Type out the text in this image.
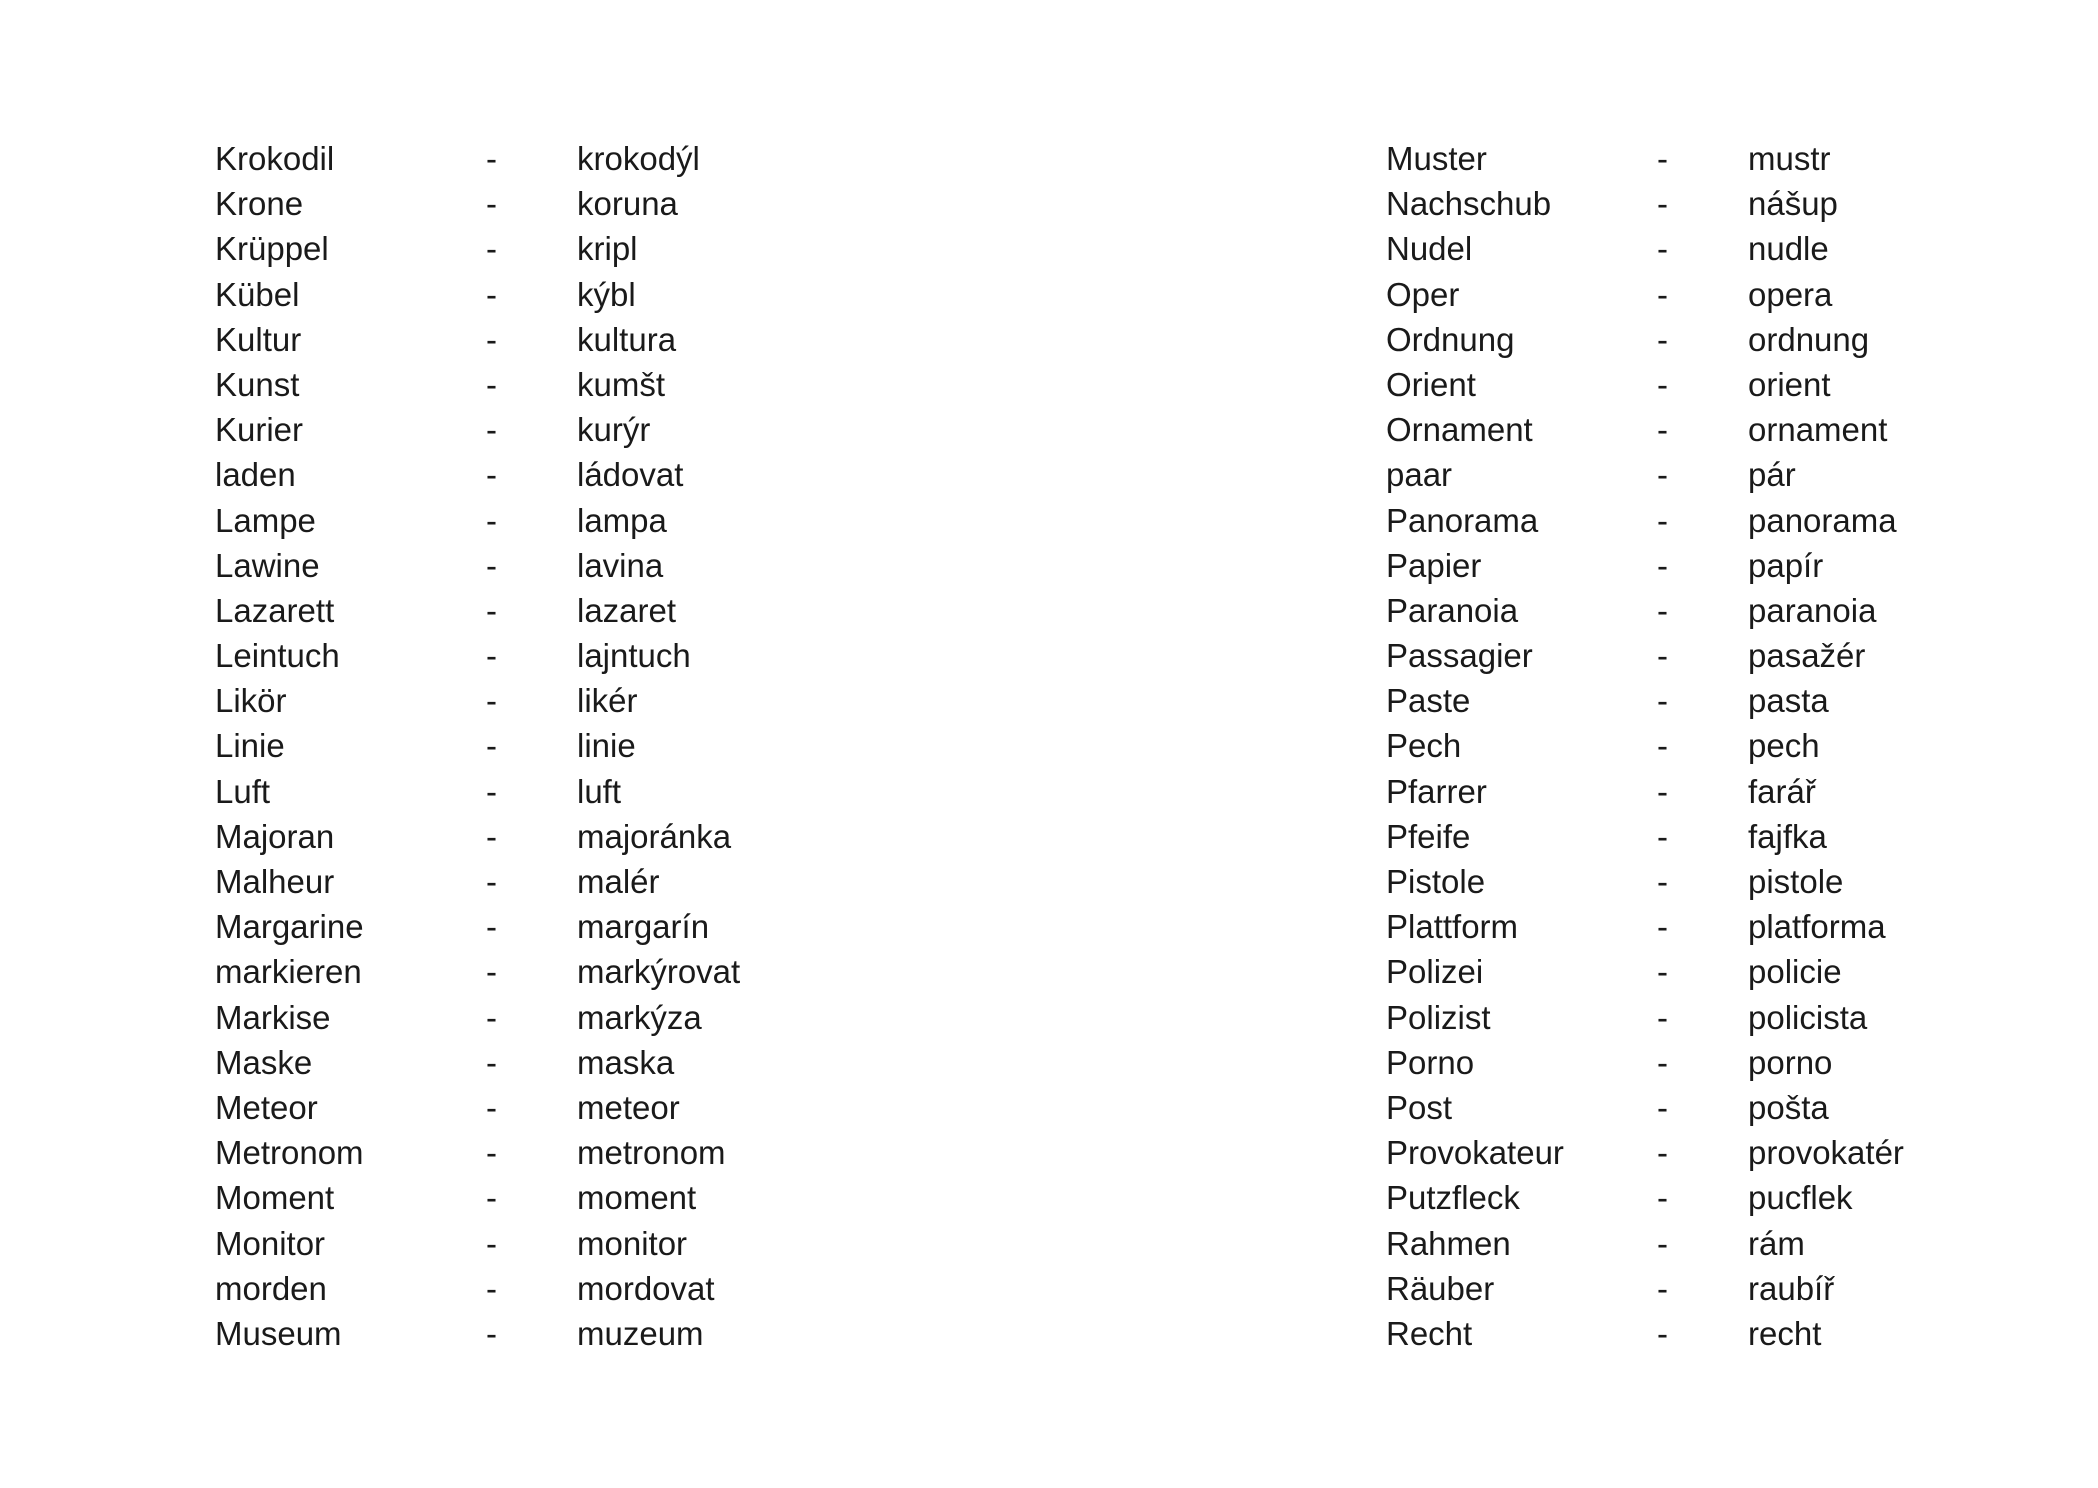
Krokodil	- krokodýl
Krone	- koruna
Krüppel	- kripl
Kübel	- kýbl
Kultur	- kultura
Kunst	- kumšt
Kurier	- kurýr
laden	- ládovat
Lampe	- lampa
Lawine	- lavina
Lazarett	- lazaret
Leintuch	- lajntuch
Likör	- likér
Linie	- linie
Luft	- luft
Majoran	- majoránka
Malheur	- malér
Margarine	- margarín
markieren	- markýrovat
Markise	- markýza
Maske	- maska
Meteor	- meteor
Metronom	- metronom
Moment	- moment
Monitor	- monitor
morden	- mordovat
Museum	- muzeum
Muster	- mustr
Nachschub	- nášup
Nudel	- nudle
Oper	- opera
Ordnung	- ordnung
Orient	- orient
Ornament	- ornament
paar	- pár
Panorama	- panorama
Papier	- papír
Paranoia	- paranoia
Passagier	- pasažér
Paste	- pasta
Pech	- pech
Pfarrer	- farář
Pfeife	- fajfka
Pistole	- pistole
Plattform	- platforma
Polizei	- policie
Polizist	- policista
Porno	- porno
Post	- pošta
Provokateur	- provokatér
Putzfleck	- pucflek
Rahmen	- rám
Räuber	- raubíř
Recht	- recht
